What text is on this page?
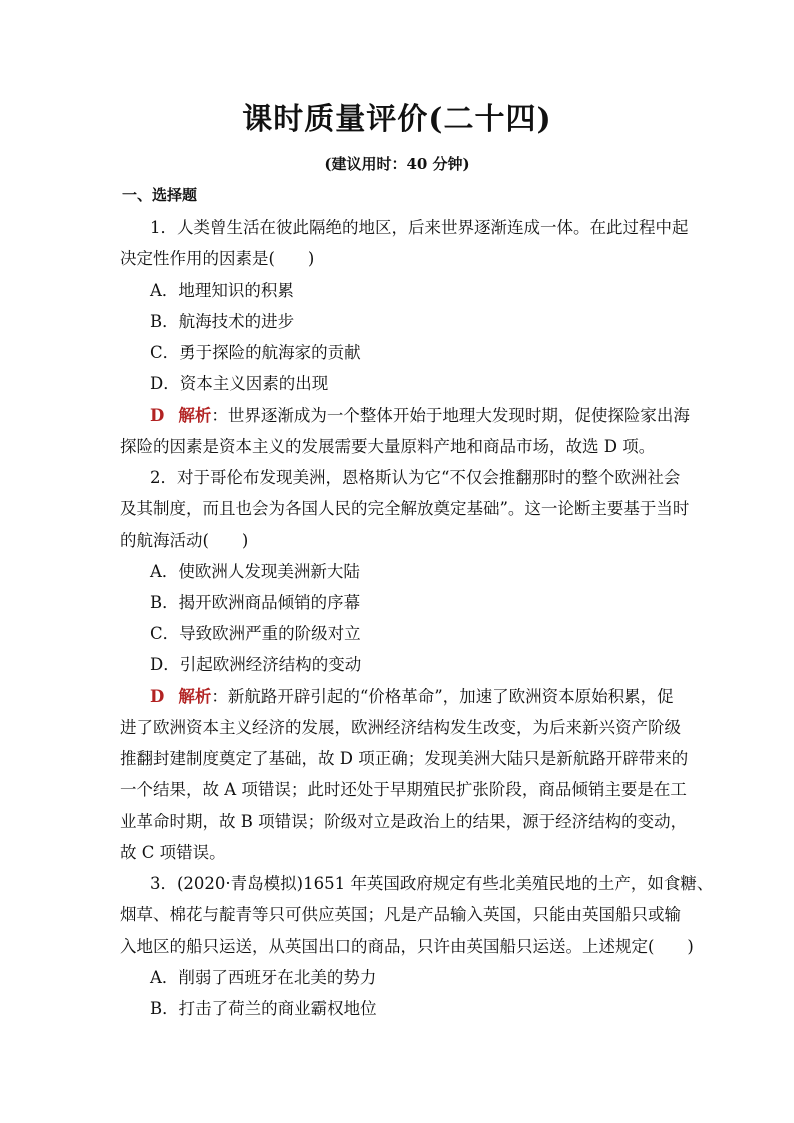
课时质量评价(二十四)
(建议用时：40 分钟)
一、选择题
1．人类曾生活在彼此隔绝的地区，后来世界逐渐连成一体。在此过程中起
决定性作用的因素是(　　)
A．地理知识的积累
B．航海技术的进步
C．勇于探险的航海家的贡献
D．资本主义因素的出现
D 解析：世界逐渐成为一个整体开始于地理大发现时期，促使探险家出海
探险的因素是资本主义的发展需要大量原料产地和商品市场，故选 D 项。
2．对于哥伦布发现美洲，恩格斯认为它“不仅会推翻那时的整个欧洲社会
及其制度，而且也会为各国人民的完全解放奠定基础”。这一论断主要基于当时
的航海活动(　　)
A．使欧洲人发现美洲新大陆
B．揭开欧洲商品倾销的序幕
C．导致欧洲严重的阶级对立
D．引起欧洲经济结构的变动
D 解析：新航路开辟引起的“价格革命”，加速了欧洲资本原始积累，促
进了欧洲资本主义经济的发展，欧洲经济结构发生改变，为后来新兴资产阶级
推翻封建制度奠定了基础，故 D 项正确；发现美洲大陆只是新航路开辟带来的
一个结果，故 A 项错误；此时还处于早期殖民扩张阶段，商品倾销主要是在工
业革命时期，故 B 项错误；阶级对立是政治上的结果，源于经济结构的变动，
故 C 项错误。
3．(2020·青岛模拟)1651 年英国政府规定有些北美殖民地的土产，如食糖、
烟草、棉花与靛青等只可供应英国；凡是产品输入英国，只能由英国船只或输
入地区的船只运送，从英国出口的商品，只许由英国船只运送。上述规定(　　)
A．削弱了西班牙在北美的势力
B．打击了荷兰的商业霸权地位
